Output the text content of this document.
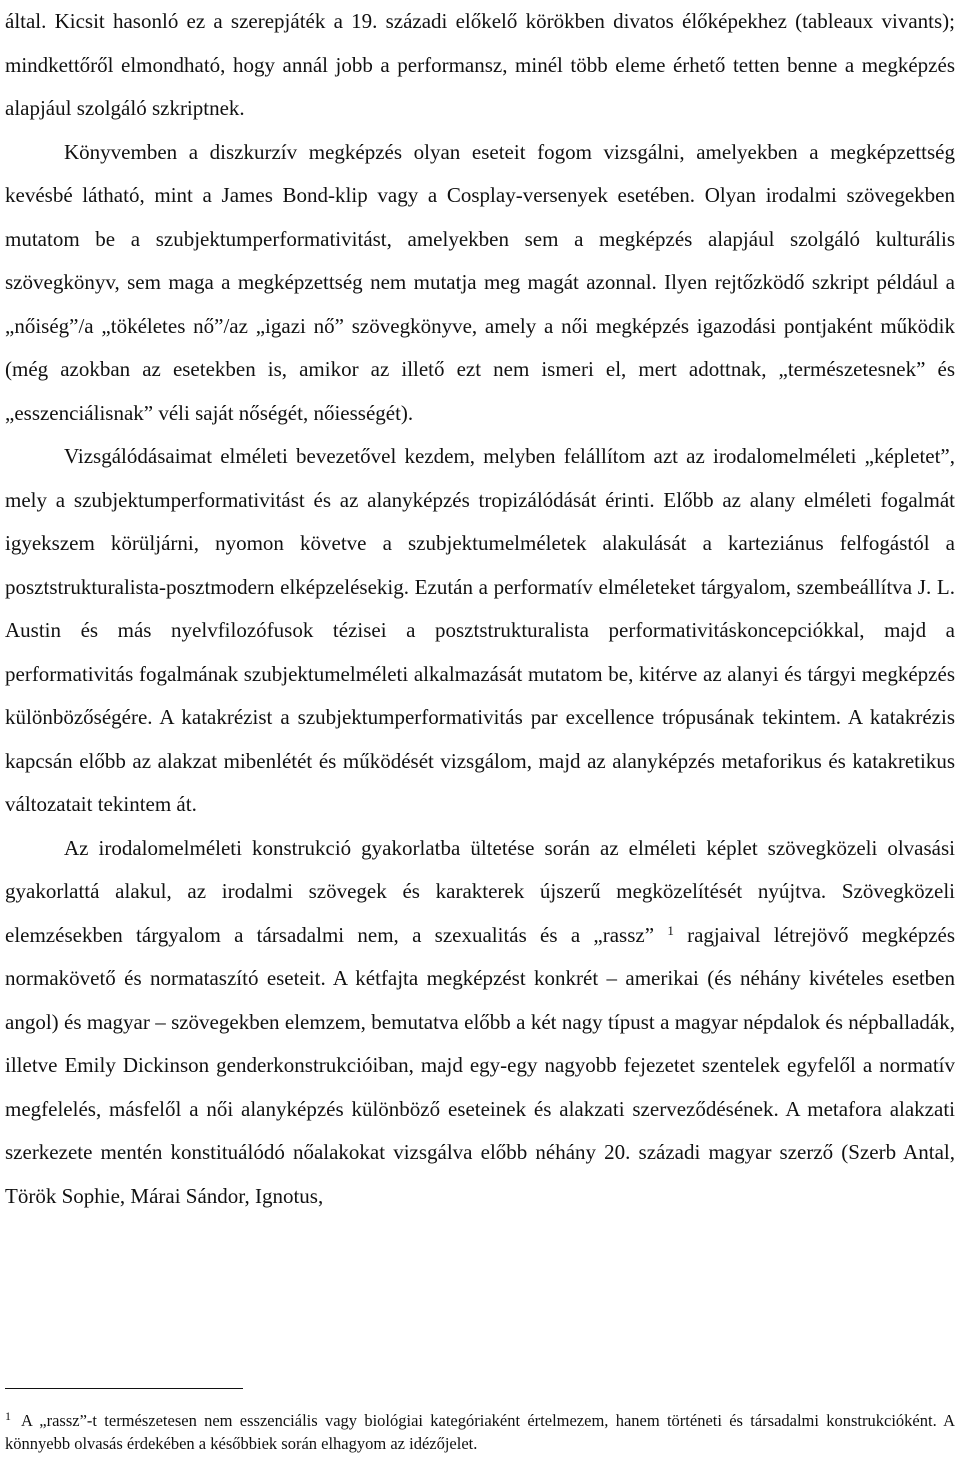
által. Kicsit hasonló ez a szerepjáték a 19. századi előkelő körökben divatos élőképekhez (tableaux vivants); mindkettőről elmondható, hogy annál jobb a performansz, minél több eleme érhető tetten benne a megképzés alapjául szolgáló szkriptnek.

Könyvemben a diszkurzív megképzés olyan eseteit fogom vizsgálni, amelyekben a megképzettség kevésbé látható, mint a James Bond-klip vagy a Cosplay-versenyek esetében. Olyan irodalmi szövegekben mutatom be a szubjektumperformativitást, amelyekben sem a megképzés alapjául szolgáló kulturális szövegkönyv, sem maga a megképzettség nem mutatja meg magát azonnal. Ilyen rejtőzködő szkript például a „nőiség”/a „tökéletes nő”/az „igazi nő” szövegkönyve, amely a női megképzés igazodási pontjaként működik (még azokban az esetekben is, amikor az illető ezt nem ismeri el, mert adottnak, „természetesnek” és „esszenciálisnak” véli saját nőségét, nőiességét).

Vizsgálódásaimat elméleti bevezetővel kezdem, melyben felállítom azt az irodalomelméleti „képletet”, mely a szubjektumperformativitást és az alanyképzés tropizálódását érinti. Előbb az alany elméleti fogalmát igyekszem körüljárni, nyomon követve a szubjektumelméletek alakulását a karteziánus felfogástól a posztstrukturalista-posztmodern elképzelésekig. Ezután a performatív elméleteket tárgyalom, szembeállítva J. L. Austin és más nyelvfilozófusok tézisei a posztstrukturalista performativitáskoncepciókkal, majd a performativitás fogalmának szubjektumelméleti alkalmazását mutatom be, kitérve az alanyi és tárgyi megképzés különbözőségére. A katakrézist a szubjektumperformativitás par excellence trópusának tekintem. A katakrézis kapcsán előbb az alakzat mibenlétét és működését vizsgálom, majd az alanyképzés metaforikus és katakretikus változatait tekintem át.

Az irodalomelméleti konstrukció gyakorlatba ültetése során az elméleti képlet szövegközeli olvasási gyakorlattá alakul, az irodalmi szövegek és karakterek újszerű megközelítését nyújtva. Szövegközeli elemzésekben tárgyalom a társadalmi nem, a szexualitás és a „rassz” $^1$ ragjaival létrejövő megképzés normakövető és normataszító eseteit. A kétfajta megképzést konkrét – amerikai (és néhány kivételes esetben angol) és magyar – szövegekben elemzem, bemutatva előbb a két nagy típust a magyar népdalok és népballadák, illetve Emily Dickinson genderkonstrukcióiban, majd egy-egy nagyobb fejezetet szentelek egyfelől a normatív megfelelés, másfelől a női alanyképzés különböző eseteinek és alakzati szerveződésének. A metafora alakzati szerkezete mentén konstituálódó nőalakokat vizsgálva előbb néhány 20. századi magyar szerző (Szerb Antal, Török Sophie, Márai Sándor, Ignotus,

$^1$ A „rassz”-t természetesen nem esszenciális vagy biológiai kategóriaként értelmezem, hanem történeti és társadalmi konstrukcióként. A könnyebb olvasás érdekében a későbbiek során elhagyom az idézőjelet.
